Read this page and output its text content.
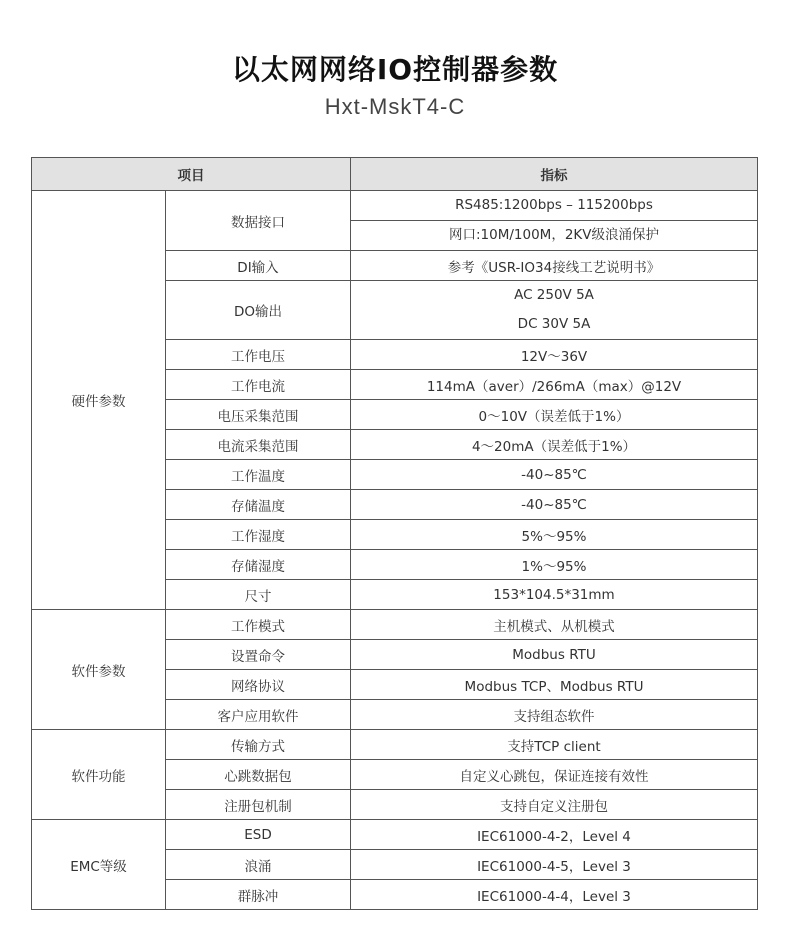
以太网网络IO控制器参数
Hxt-MskT4-C
项目		指标
硬件参数	数据接口	RS485:1200bps – 115200bps
网口:10M/100M，2KV级浪涌保护

	DI输入	参考《USR-IO34接线工艺说明书》
	DO输出	AC 250V 5A
DC 30V 5A

	工作电压	12V～36V
	工作电流	114mA（aver）/266mA（max）@12V
	电压采集范围	0～10V（误差低于1%）
	电流采集范围	4～20mA（误差低于1%）
	工作温度	-40~85℃
	存储温度	-40~85℃
	工作湿度	5%～95%
	存储湿度	1%～95%
	尺寸	153*104.5*31mm
软件参数	工作模式	主机模式、从机模式
	设置命令	Modbus RTU
	网络协议	Modbus TCP、Modbus RTU
	客户应用软件	支持组态软件
软件功能	传输方式	支持TCP client
	心跳数据包	自定义心跳包，保证连接有效性
	注册包机制	支持自定义注册包
EMC等级	ESD	IEC61000-4-2，Level 4
	浪涌	IEC61000-4-5，Level 3
	群脉冲	IEC61000-4-4，Level 3
